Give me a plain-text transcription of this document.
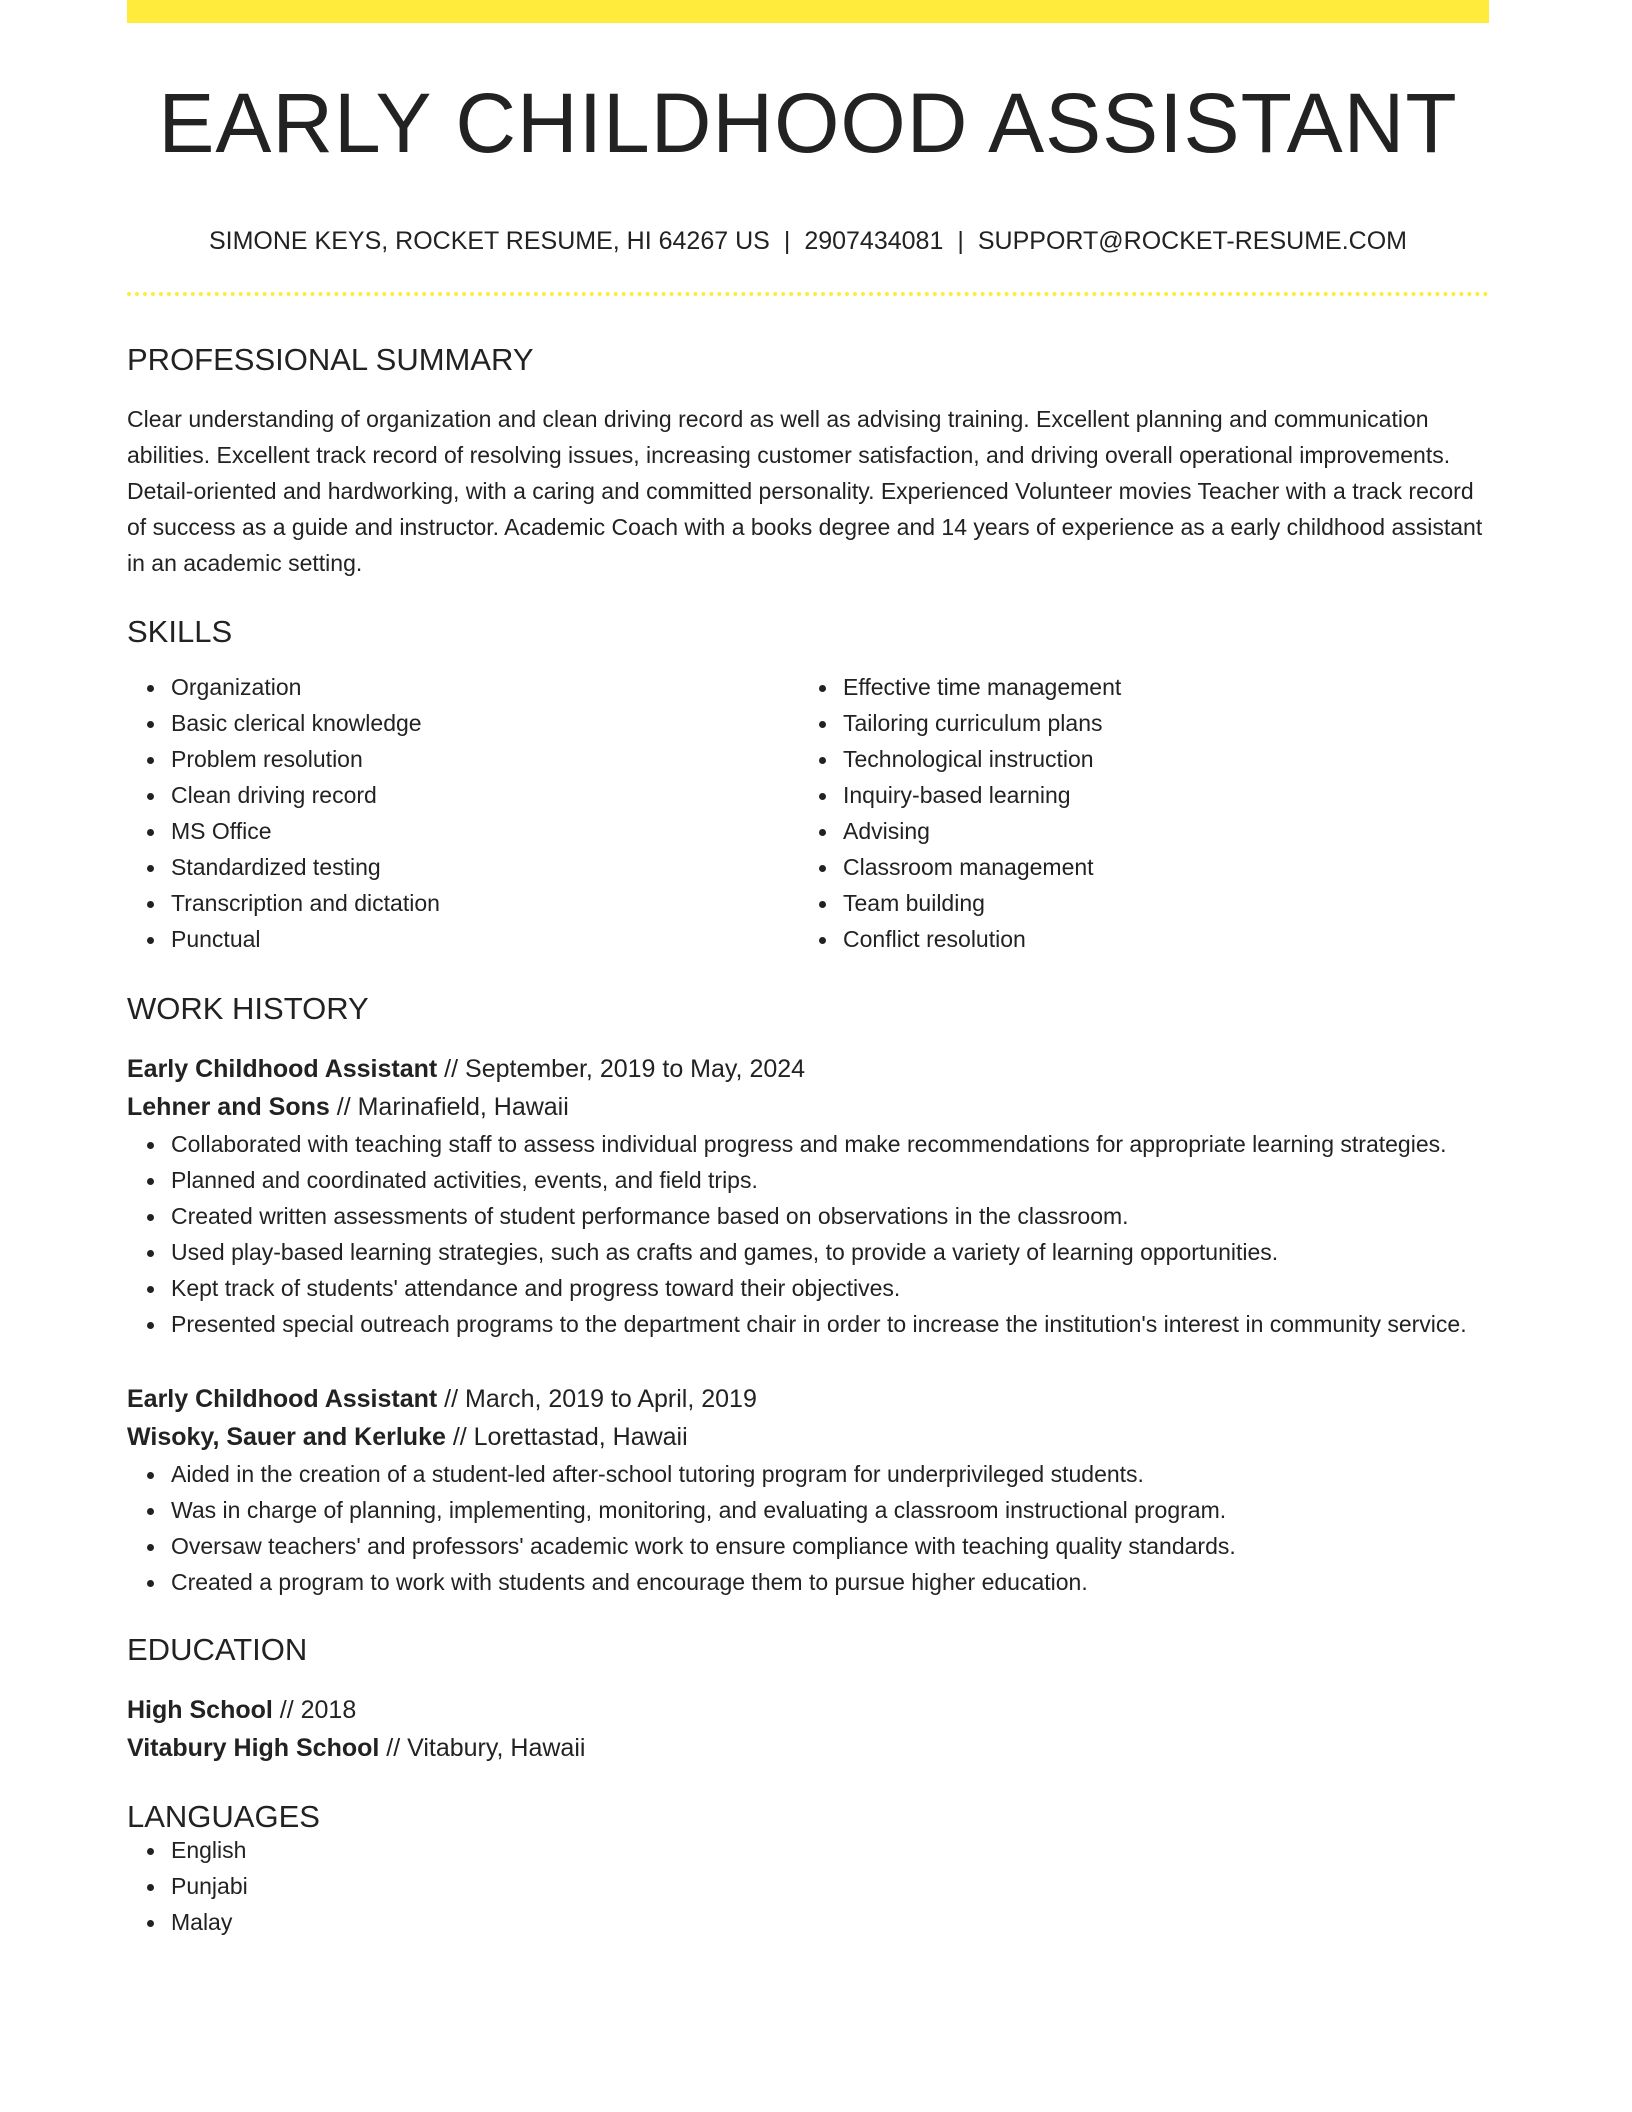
EARLY CHILDHOOD ASSISTANT
SIMONE KEYS, ROCKET RESUME, HI 64267 US | 2907434081 | SUPPORT@ROCKET-RESUME.COM
PROFESSIONAL SUMMARY
Clear understanding of organization and clean driving record as well as advising training. Excellent planning and communication abilities. Excellent track record of resolving issues, increasing customer satisfaction, and driving overall operational improvements. Detail-oriented and hardworking, with a caring and committed personality. Experienced Volunteer movies Teacher with a track record of success as a guide and instructor. Academic Coach with a books degree and 14 years of experience as a early childhood assistant in an academic setting.
SKILLS
Organization
Basic clerical knowledge
Problem resolution
Clean driving record
MS Office
Standardized testing
Transcription and dictation
Punctual
Effective time management
Tailoring curriculum plans
Technological instruction
Inquiry-based learning
Advising
Classroom management
Team building
Conflict resolution
WORK HISTORY
Early Childhood Assistant // September, 2019 to May, 2024
Lehner and Sons // Marinafield, Hawaii
Collaborated with teaching staff to assess individual progress and make recommendations for appropriate learning strategies.
Planned and coordinated activities, events, and field trips.
Created written assessments of student performance based on observations in the classroom.
Used play-based learning strategies, such as crafts and games, to provide a variety of learning opportunities.
Kept track of students' attendance and progress toward their objectives.
Presented special outreach programs to the department chair in order to increase the institution's interest in community service.
Early Childhood Assistant // March, 2019 to April, 2019
Wisoky, Sauer and Kerluke // Lorettastad, Hawaii
Aided in the creation of a student-led after-school tutoring program for underprivileged students.
Was in charge of planning, implementing, monitoring, and evaluating a classroom instructional program.
Oversaw teachers' and professors' academic work to ensure compliance with teaching quality standards.
Created a program to work with students and encourage them to pursue higher education.
EDUCATION
High School // 2018
Vitabury High School // Vitabury, Hawaii
LANGUAGES
English
Punjabi
Malay
